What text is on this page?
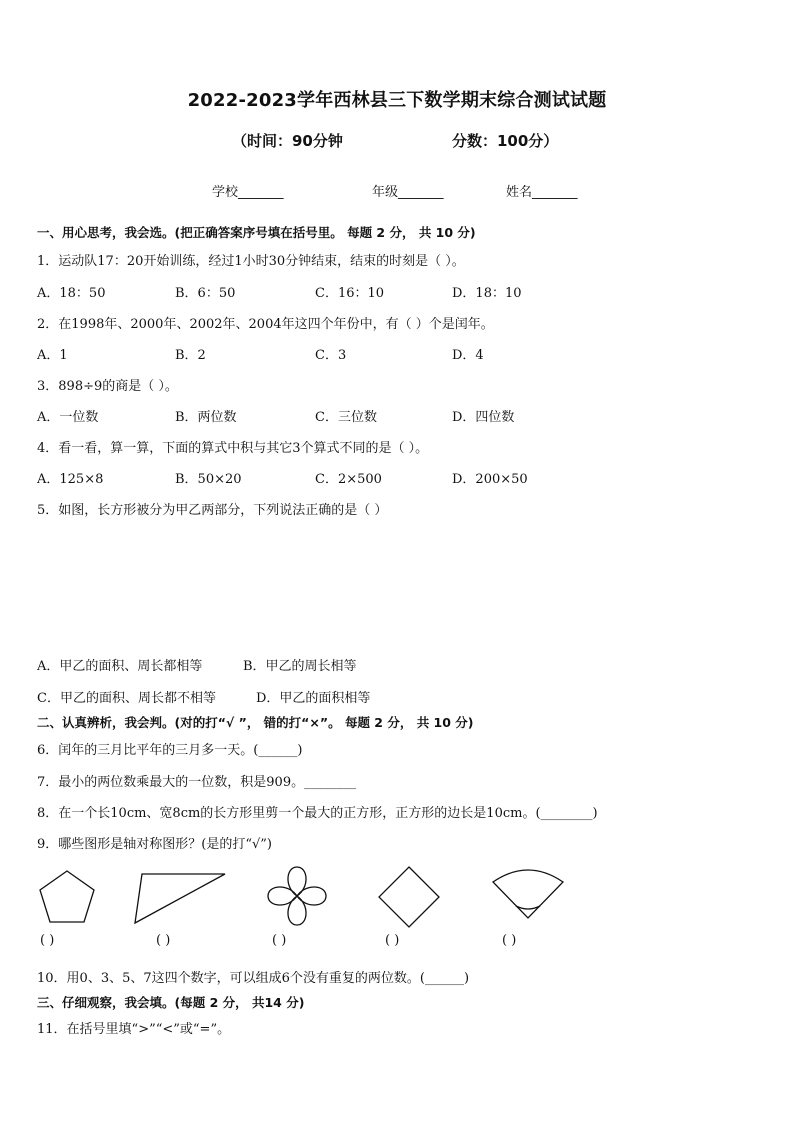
2022-2023学年西林县三下数学期末综合测试试题
（时间：90分钟	分数：100分）
学校_______	年级_______	姓名_______
一、用心思考，我会选。(把正确答案序号填在括号里。 每题 2 分， 共 10 分)
1．运动队17：20开始训练，经过1小时30分钟结束，结束的时刻是（ ）。
A．18：50	B．6：50	C．16：10	D．18：10
2．在1998年、2000年、2002年、2004年这四个年份中，有（ ）个是闰年。
A．1	B．2	C．3	D．4
3．898÷9的商是（ ）。
A．一位数	B．两位数	C．三位数	D．四位数
4．看一看，算一算，下面的算式中积与其它3个算式不同的是（ ）。
A．125×8	B．50×20	C．2×500	D．200×50
5．如图，长方形被分为甲乙两部分，下列说法正确的是（ ）
A．甲乙的面积、周长都相等	B．甲乙的周长相等
C．甲乙的面积、周长都不相等	D．甲乙的面积相等
二、认真辨析，我会判。(对的打“√ ”， 错的打“×”。 每题 2 分， 共 10 分)
6．闰年的三月比平年的三月多一天。(______)
7．最小的两位数乘最大的一位数，积是909。________
8．在一个长10cm、宽8cm的长方形里剪一个最大的正方形，正方形的边长是10cm。(________)
9．哪些图形是轴对称图形？(是的打“√”)
( )	( )	( )	( )	( )
10．用0、3、5、7这四个数字，可以组成6个没有重复的两位数。(______)
三、仔细观察，我会填。(每题 2 分， 共14 分)
11．在括号里填“>”“<”或“=”。
